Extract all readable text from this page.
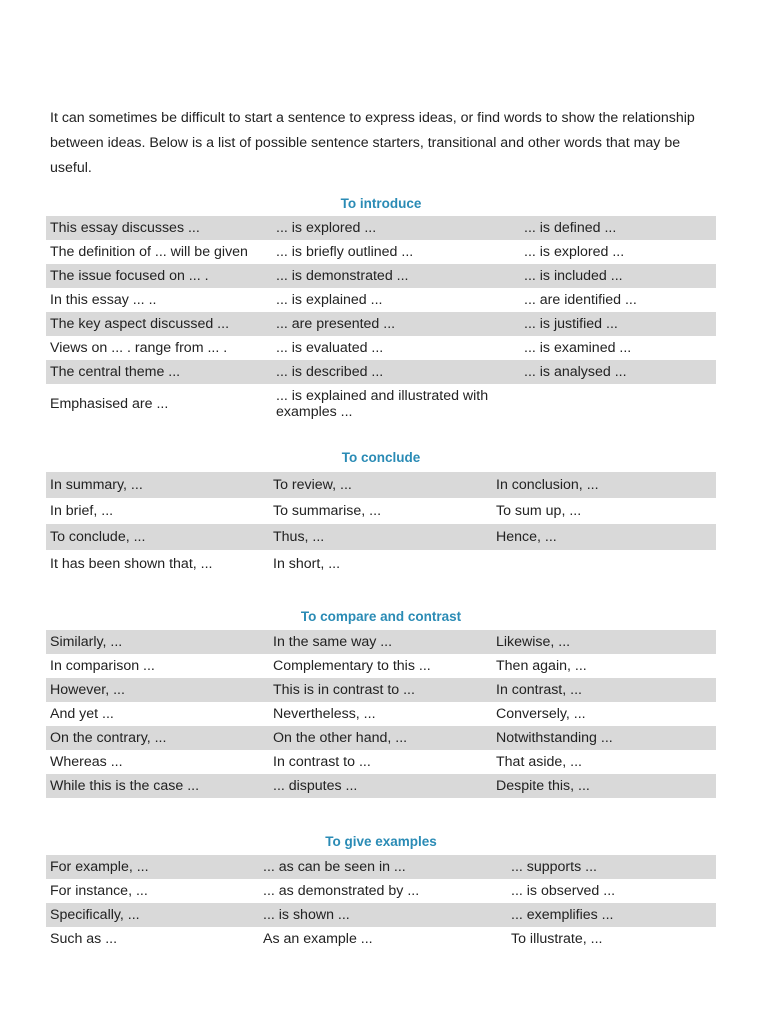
It can sometimes be difficult to start a sentence to express ideas, or find words to show the relationship between ideas. Below is a list of possible sentence starters, transitional and other words that may be useful.

To introduce
This essay discusses ...	... is explored ...	... is defined ...
The definition of ... will be given	... is briefly outlined ...	... is explored ...
The issue focused on ... .	... is demonstrated ...	... is included ...
In this essay ... ..	... is explained ...	... are identified ...
The key aspect discussed ...	... are presented ...	... is justified ...
Views on ... . range from ... .	... is evaluated ...	... is examined ...
The central theme ...	... is described ...	... is analysed ...
Emphasised are ...	... is explained and illustrated with examples ...	
To conclude
In summary, ...	To review, ...	In conclusion, ...
In brief, ...	To summarise, ...	To sum up, ...
To conclude, ...	Thus, ...	Hence, ...
It has been shown that, ...	In short, ...	
To compare and contrast
Similarly, ...	In the same way ...	Likewise, ...
In comparison ...	Complementary to this ...	Then again, ...
However, ...	This is in contrast to ...	In contrast, ...
And yet ...	Nevertheless, ...	Conversely, ...
On the contrary, ...	On the other hand, ...	Notwithstanding ...
Whereas ...	In contrast to ...	That aside, ...
While this is the case ...	... disputes ...	Despite this, ...
To give examples
For example, ...	... as can be seen in ...	... supports ...
For instance, ...	... as demonstrated by ...	... is observed ...
Specifically, ...	... is shown ...	... exemplifies ...
Such as ...	As an example ...	To illustrate, ...
